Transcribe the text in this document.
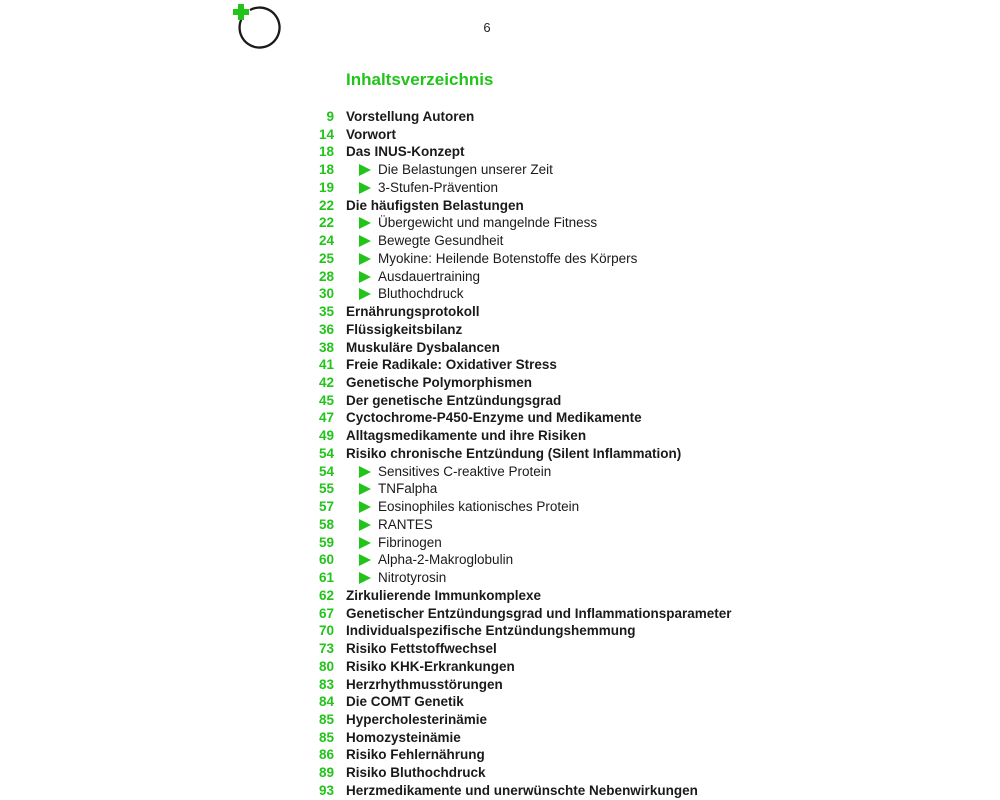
6
Inhaltsverzeichnis
9 Vorstellung Autoren
14 Vorwort
18 Das INUS-Konzept
18	Die Belastungen unserer Zeit
19	3-Stufen-Prävention
22 Die häufigsten Belastungen
22	Übergewicht und mangelnde Fitness
24	Bewegte Gesundheit
25	Myokine: Heilende Botenstoffe des Körpers
28	Ausdauertraining
30	Bluthochdruck
35 Ernährungsprotokoll
36 Flüssigkeitsbilanz
38 Muskuläre Dysbalancen
41 Freie Radikale: Oxidativer Stress
42 Genetische Polymorphismen
45 Der genetische Entzündungsgrad
47 Cyctochrome-P450-Enzyme und Medikamente
49 Alltagsmedikamente und ihre Risiken
54 Risiko chronische Entzündung (Silent Inflammation)
54	Sensitives C-reaktive Protein
55	TNFalpha
57	Eosinophiles kationisches Protein
58	RANTES
59	Fibrinogen
60	Alpha-2-Makroglobulin
61	Nitrotyrosin
62 Zirkulierende Immunkomplexe
67 Genetischer Entzündungsgrad und Inflammationsparameter
70 Individualspezifische Entzündungshemmung
73 Risiko Fettstoffwechsel
80 Risiko KHK-Erkrankungen
83 Herzrhythmusstörungen
84 Die COMT Genetik
85 Hypercholesterinämie
85 Homozysteinämie
86 Risiko Fehlernährung
89 Risiko Bluthochdruck
93 Herzmedikamente und unerwünschte Nebenwirkungen
